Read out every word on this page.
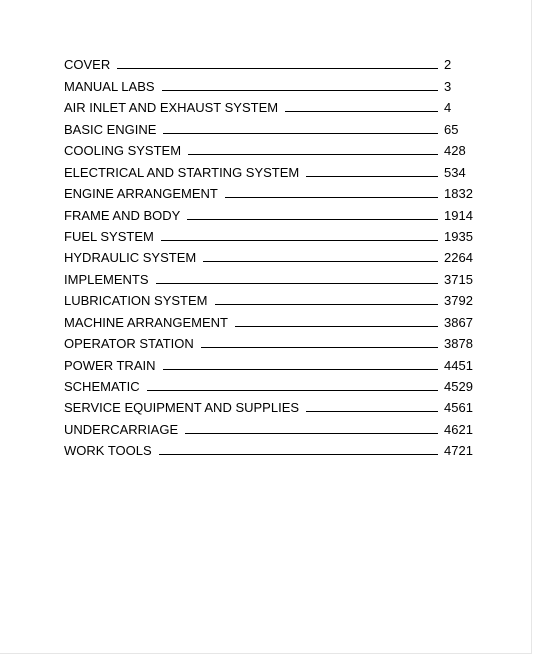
COVER	2
MANUAL LABS	3
AIR INLET AND EXHAUST SYSTEM	4
BASIC ENGINE	65
COOLING SYSTEM	428
ELECTRICAL AND STARTING SYSTEM	534
ENGINE ARRANGEMENT	1832
FRAME AND BODY	1914
FUEL SYSTEM	1935
HYDRAULIC SYSTEM	2264
IMPLEMENTS	3715
LUBRICATION SYSTEM	3792
MACHINE ARRANGEMENT	3867
OPERATOR STATION	3878
POWER TRAIN	4451
SCHEMATIC	4529
SERVICE EQUIPMENT AND SUPPLIES	4561
UNDERCARRIAGE	4621
WORK TOOLS	4721
